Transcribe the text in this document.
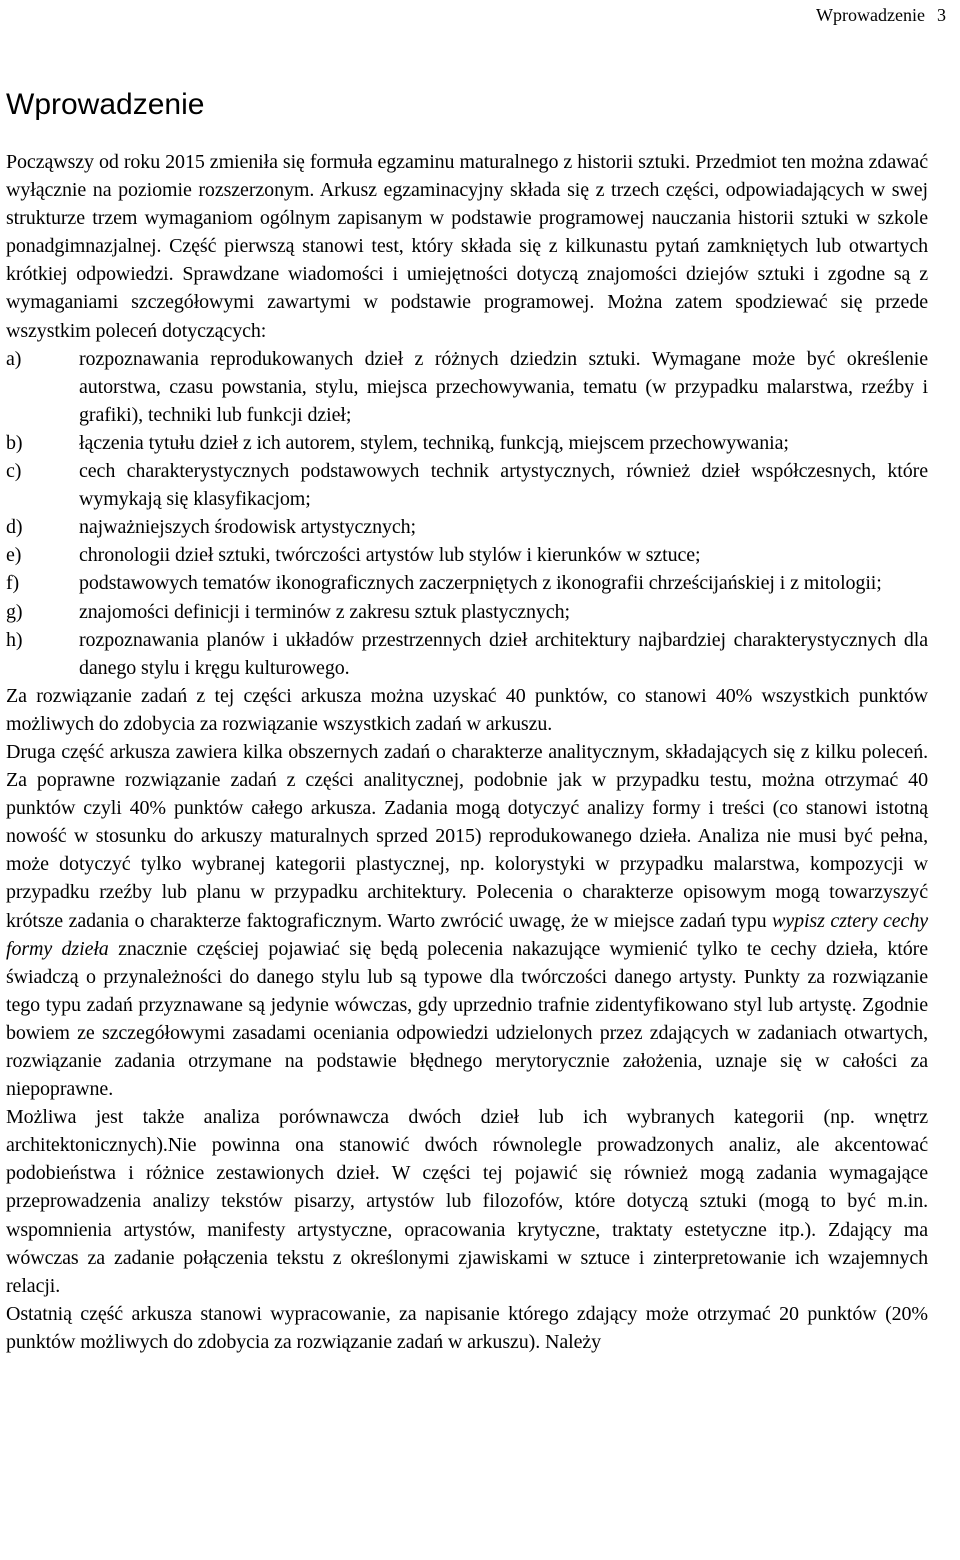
Wprowadzenie 3
Wprowadzenie

Począwszy od roku 2015 zmieniła się formuła egzaminu maturalnego z historii sztuki. Przedmiot ten można zdawać wyłącznie na poziomie rozszerzonym. Arkusz egzaminacyjny składa się z trzech części, odpowiadających w swej strukturze trzem wymaganiom ogólnym zapisanym w podstawie programowej nauczania historii sztuki w szkole ponadgimnazjalnej. Część pierwszą stanowi test, który składa się z kilkunastu pytań zamkniętych lub otwartych krótkiej odpowiedzi. Sprawdzane wiadomości i umiejętności dotyczą znajomości dziejów sztuki i zgodne są z wymaganiami szczegółowymi zawartymi w podstawie programowej. Można zatem spodziewać się przede wszystkim poleceń dotyczących:

a)	rozpoznawania reprodukowanych dzieł z różnych dziedzin sztuki. Wymagane może być określenie autorstwa, czasu powstania, stylu, miejsca przechowywania, tematu (w przypadku malarstwa, rzeźby i grafiki), techniki lub funkcji dzieł;
b)	łączenia tytułu dzieł z ich autorem, stylem, techniką, funkcją, miejscem przechowywania;
c)	cech charakterystycznych podstawowych technik artystycznych, również dzieł współczesnych, które wymykają się klasyfikacjom;
d)	najważniejszych środowisk artystycznych;
e)	chronologii dzieł sztuki, twórczości artystów lub stylów i kierunków w sztuce;
f)	podstawowych tematów ikonograficznych zaczerpniętych z ikonografii chrześcijańskiej i z mitologii;
g)	znajomości definicji i terminów z zakresu sztuk plastycznych;
h)	rozpoznawania planów i układów przestrzennych dzieł architektury najbardziej charakterystycznych dla danego stylu i kręgu kulturowego.

Za rozwiązanie zadań z tej części arkusza można uzyskać 40 punktów, co stanowi 40% wszystkich punktów możliwych do zdobycia za rozwiązanie wszystkich zadań w arkuszu.

Druga część arkusza zawiera kilka obszernych zadań o charakterze analitycznym, składających się z kilku poleceń. Za poprawne rozwiązanie zadań z części analitycznej, podobnie jak w przypadku testu, można otrzymać 40 punktów czyli 40% punktów całego arkusza. Zadania mogą dotyczyć analizy formy i treści (co stanowi istotną nowość w stosunku do arkuszy maturalnych sprzed 2015) reprodukowanego dzieła. Analiza nie musi być pełna, może dotyczyć tylko wybranej kategorii plastycznej, np. kolorystyki w przypadku malarstwa, kompozycji w przypadku rzeźby lub planu w przypadku architektury. Polecenia o charakterze opisowym mogą towarzyszyć krótsze zadania o charakterze faktograficznym. Warto zwrócić uwagę, że w miejsce zadań typu wypisz cztery cechy formy dzieła znacznie częściej pojawiać się będą polecenia nakazujące wymienić tylko te cechy dzieła, które świadczą o przynależności do danego stylu lub są typowe dla twórczości danego artysty. Punkty za rozwiązanie tego typu zadań przyznawane są jedynie wówczas, gdy uprzednio trafnie zidentyfikowano styl lub artystę. Zgodnie bowiem ze szczegółowymi zasadami oceniania odpowiedzi udzielonych przez zdających w zadaniach otwartych, rozwiązanie zadania otrzymane na podstawie błędnego merytorycznie założenia, uznaje się w całości za niepoprawne.

Możliwa jest także analiza porównawcza dwóch dzieł lub ich wybranych kategorii (np. wnętrz architektonicznych).Nie powinna ona stanowić dwóch równolegle prowadzonych analiz, ale akcentować podobieństwa i różnice zestawionych dzieł. W części tej pojawić się również mogą zadania wymagające przeprowadzenia analizy tekstów pisarzy, artystów lub filozofów, które dotyczą sztuki (mogą to być m.in. wspomnienia artystów, manifesty artystyczne, opracowania krytyczne, traktaty estetyczne itp.). Zdający ma wówczas za zadanie połączenia tekstu z określonymi zjawiskami w sztuce i zinterpretowanie ich wzajemnych relacji.

Ostatnią część arkusza stanowi wypracowanie, za napisanie którego zdający może otrzymać 20 punktów (20% punktów możliwych do zdobycia za rozwiązanie zadań w arkuszu). Należy
